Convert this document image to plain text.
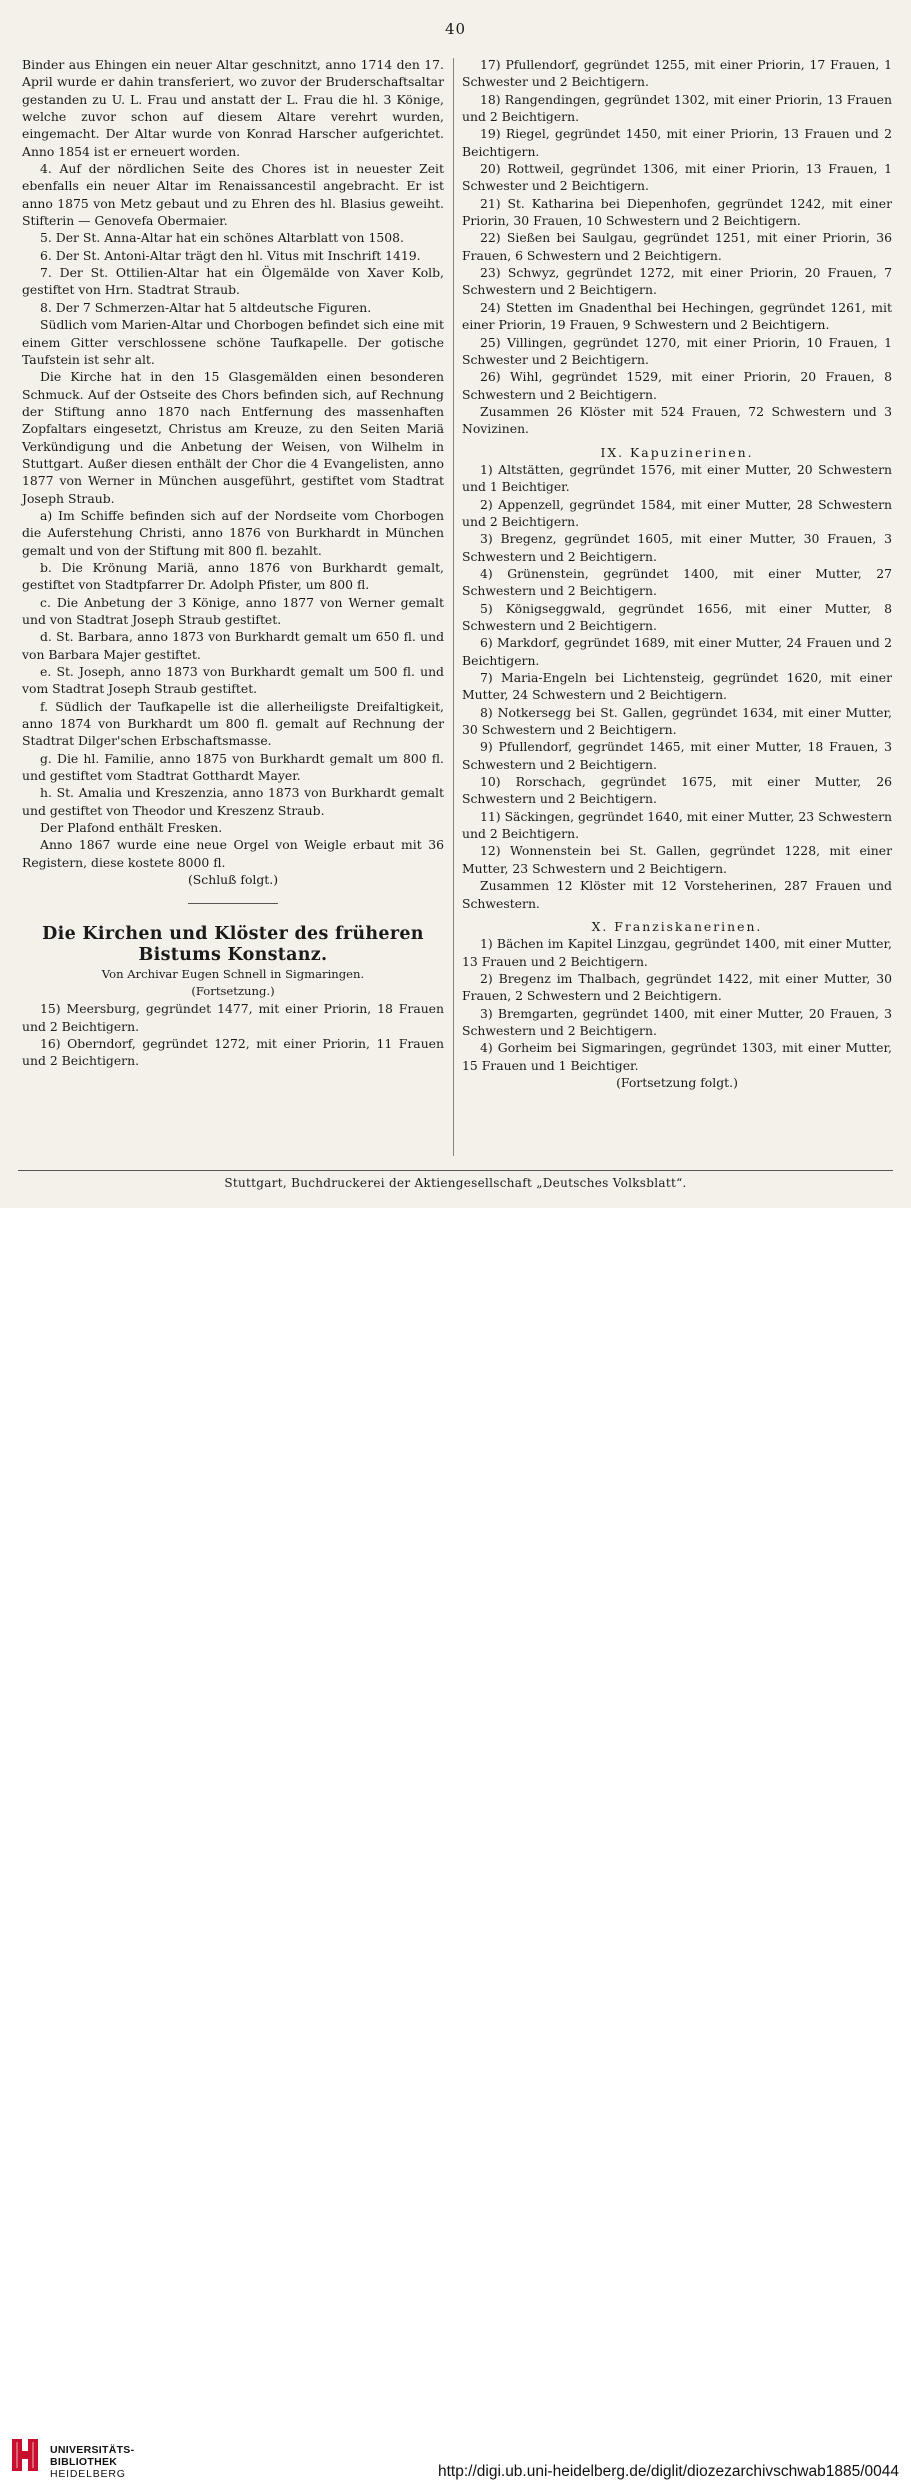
40

Binder aus Ehingen ein neuer Altar geschnitzt, anno 1714 den 17. April wurde er dahin transferiert, wo zuvor der Bruderschaftsaltar gestanden zu U. L. Frau und anstatt der L. Frau die hl. 3 Könige, welche zuvor schon auf diesem Altare verehrt wurden, eingemacht. Der Altar wurde von Konrad Harscher aufgerichtet. Anno 1854 ist er erneuert worden.

4. Auf der nördlichen Seite des Chores ist in neuester Zeit ebenfalls ein neuer Altar im Renaissancestil angebracht. Er ist anno 1875 von Metz gebaut und zu Ehren des hl. Blasius geweiht. Stifterin — Genovefa Obermaier.

5. Der St. Anna-Altar hat ein schönes Altarblatt von 1508.

6. Der St. Antoni-Altar trägt den hl. Vitus mit Inschrift 1419.

7. Der St. Ottilien-Altar hat ein Ölgemälde von Xaver Kolb, gestiftet von Hrn. Stadtrat Straub.

8. Der 7 Schmerzen-Altar hat 5 altdeutsche Figuren.

Südlich vom Marien-Altar und Chorbogen befindet sich eine mit einem Gitter verschlossene schöne Taufkapelle. Der gotische Taufstein ist sehr alt.

Die Kirche hat in den 15 Glasgemälden einen besonderen Schmuck. Auf der Ostseite des Chors befinden sich, auf Rechnung der Stiftung anno 1870 nach Entfernung des massenhaften Zopfaltars eingesetzt, Christus am Kreuze, zu den Seiten Mariä Verkündigung und die Anbetung der Weisen, von Wilhelm in Stuttgart. Außer diesen enthält der Chor die 4 Evangelisten, anno 1877 von Werner in München ausgeführt, gestiftet vom Stadtrat Joseph Straub.

a) Im Schiffe befinden sich auf der Nordseite vom Chorbogen die Auferstehung Christi, anno 1876 von Burkhardt in München gemalt und von der Stiftung mit 800 fl. bezahlt.

b. Die Krönung Mariä, anno 1876 von Burkhardt gemalt, gestiftet von Stadtpfarrer Dr. Adolph Pfister, um 800 fl.

c. Die Anbetung der 3 Könige, anno 1877 von Werner gemalt und von Stadtrat Joseph Straub gestiftet.

d. St. Barbara, anno 1873 von Burkhardt gemalt um 650 fl. und von Barbara Majer gestiftet.

e. St. Joseph, anno 1873 von Burkhardt gemalt um 500 fl. und vom Stadtrat Joseph Straub gestiftet.

f. Südlich der Taufkapelle ist die allerheiligste Dreifaltigkeit, anno 1874 von Burkhardt um 800 fl. gemalt auf Rechnung der Stadtrat Dilger'schen Erbschaftsmasse.

g. Die hl. Familie, anno 1875 von Burkhardt gemalt um 800 fl. und gestiftet vom Stadtrat Gotthardt Mayer.

h. St. Amalia und Kreszenzia, anno 1873 von Burkhardt gemalt und gestiftet von Theodor und Kreszenz Straub.

Der Plafond enthält Fresken.

Anno 1867 wurde eine neue Orgel von Weigle erbaut mit 36 Registern, diese kostete 8000 fl.

(Schluß folgt.)

Die Kirchen und Klöster des früheren Bistums Konstanz.

Von Archivar Eugen Schnell in Sigmaringen.

(Fortsetzung.)

15) Meersburg, gegründet 1477, mit einer Priorin, 18 Frauen und 2 Beichtigern.

16) Oberndorf, gegründet 1272, mit einer Priorin, 11 Frauen und 2 Beichtigern.

17) Pfullendorf, gegründet 1255, mit einer Priorin, 17 Frauen, 1 Schwester und 2 Beichtigern.

18) Rangendingen, gegründet 1302, mit einer Priorin, 13 Frauen und 2 Beichtigern.

19) Riegel, gegründet 1450, mit einer Priorin, 13 Frauen und 2 Beichtigern.

20) Rottweil, gegründet 1306, mit einer Priorin, 13 Frauen, 1 Schwester und 2 Beichtigern.

21) St. Katharina bei Diepenhofen, gegründet 1242, mit einer Priorin, 30 Frauen, 10 Schwestern und 2 Beichtigern.

22) Sießen bei Saulgau, gegründet 1251, mit einer Priorin, 36 Frauen, 6 Schwestern und 2 Beichtigern.

23) Schwyz, gegründet 1272, mit einer Priorin, 20 Frauen, 7 Schwestern und 2 Beichtigern.

24) Stetten im Gnadenthal bei Hechingen, gegründet 1261, mit einer Priorin, 19 Frauen, 9 Schwestern und 2 Beichtigern.

25) Villingen, gegründet 1270, mit einer Priorin, 10 Frauen, 1 Schwester und 2 Beichtigern.

26) Wihl, gegründet 1529, mit einer Priorin, 20 Frauen, 8 Schwestern und 2 Beichtigern.

Zusammen 26 Klöster mit 524 Frauen, 72 Schwestern und 3 Novizinen.

IX. Kapuzinerinen.

1) Altstätten, gegründet 1576, mit einer Mutter, 20 Schwestern und 1 Beichtiger.

2) Appenzell, gegründet 1584, mit einer Mutter, 28 Schwestern und 2 Beichtigern.

3) Bregenz, gegründet 1605, mit einer Mutter, 30 Frauen, 3 Schwestern und 2 Beichtigern.

4) Grünenstein, gegründet 1400, mit einer Mutter, 27 Schwestern und 2 Beichtigern.

5) Königseggwald, gegründet 1656, mit einer Mutter, 8 Schwestern und 2 Beichtigern.

6) Markdorf, gegründet 1689, mit einer Mutter, 24 Frauen und 2 Beichtigern.

7) Maria-Engeln bei Lichtensteig, gegründet 1620, mit einer Mutter, 24 Schwestern und 2 Beichtigern.

8) Notkersegg bei St. Gallen, gegründet 1634, mit einer Mutter, 30 Schwestern und 2 Beichtigern.

9) Pfullendorf, gegründet 1465, mit einer Mutter, 18 Frauen, 3 Schwestern und 2 Beichtigern.

10) Rorschach, gegründet 1675, mit einer Mutter, 26 Schwestern und 2 Beichtigern.

11) Säckingen, gegründet 1640, mit einer Mutter, 23 Schwestern und 2 Beichtigern.

12) Wonnenstein bei St. Gallen, gegründet 1228, mit einer Mutter, 23 Schwestern und 2 Beichtigern.

Zusammen 12 Klöster mit 12 Vorsteherinen, 287 Frauen und Schwestern.

X. Franziskanerinen.

1) Bächen im Kapitel Linzgau, gegründet 1400, mit einer Mutter, 13 Frauen und 2 Beichtigern.

2) Bregenz im Thalbach, gegründet 1422, mit einer Mutter, 30 Frauen, 2 Schwestern und 2 Beichtigern.

3) Bremgarten, gegründet 1400, mit einer Mutter, 20 Frauen, 3 Schwestern und 2 Beichtigern.

4) Gorheim bei Sigmaringen, gegründet 1303, mit einer Mutter, 15 Frauen und 1 Beichtiger.

(Fortsetzung folgt.)

Stuttgart, Buchdruckerei der Aktiengesellschaft „Deutsches Volksblatt“.
UNIVERSITÄTS-
BIBLIOTHEK
HEIDELBERG	http://digi.ub.uni-heidelberg.de/diglit/diozezarchivschwab1885/0044
